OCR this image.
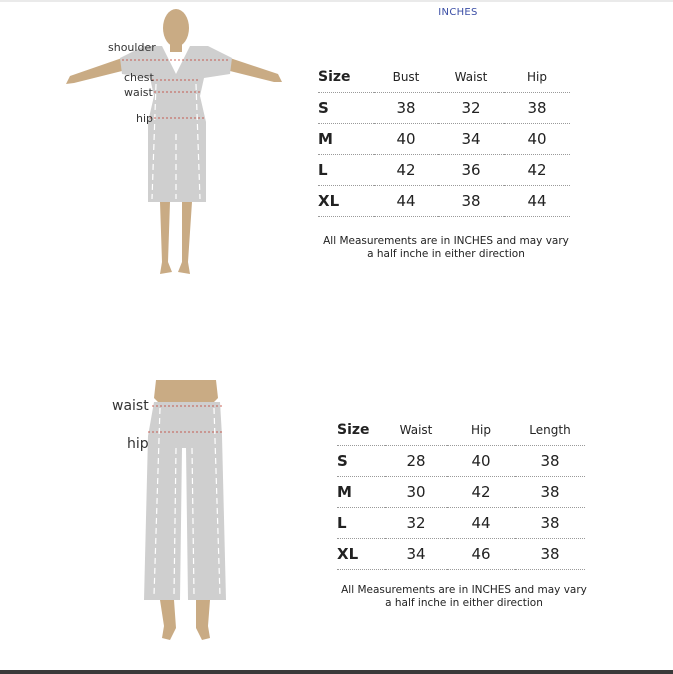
INCHES
shoulder
chest
waist
hip
Size	Bust	Waist	Hip
S	38	32	38
M	40	34	40
L	42	36	42
XL	44	38	44
All Measurements are in INCHES and may vary
a half inche in either direction
waist
hip
Size	Waist	Hip	Length
S	28	40	38
M	30	42	38
L	32	44	38
XL	34	46	38
All Measurements are in INCHES and may vary
a half inche in either direction
